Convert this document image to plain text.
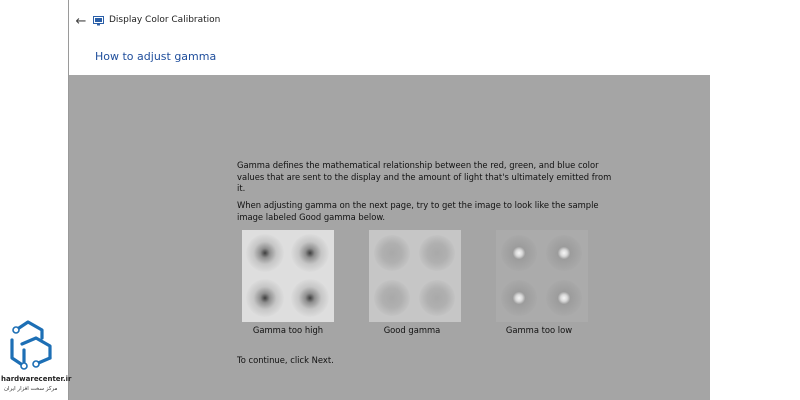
←	Display Color Calibration
How to adjust gamma
Gamma defines the mathematical relationship between the red, green, and blue color values that are sent to the display and the amount of light that's ultimately emitted from it.
When adjusting gamma on the next page, try to get the image to look like the sample image labeled Good gamma below.
Gamma too high	Good gamma	Gamma too low
To continue, click Next.
hardwarecenter.ir
مرکز سخت افزار ایران
